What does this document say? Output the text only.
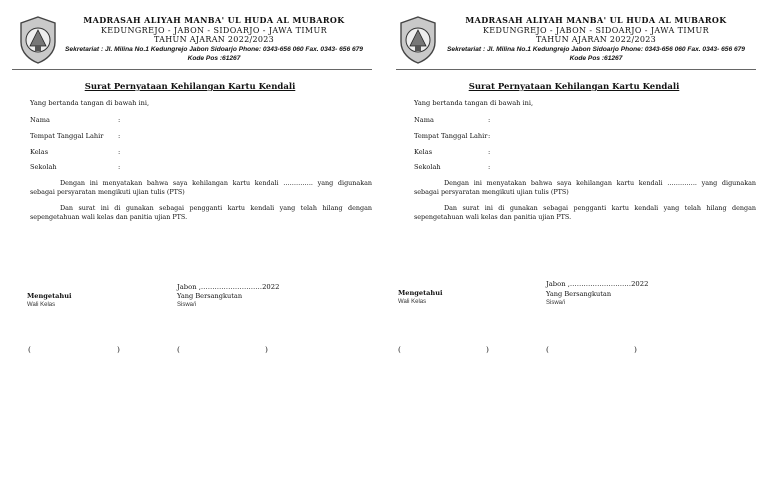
MADRASAH ALIYAH MANBA' UL HUDA AL MUBAROK
KEDUNGREJO - JABON - SIDOARJO - JAWA TIMUR
TAHUN AJARAN 2022/2023
Sekretariat : Jl. Milina No.1 Kedungrejo Jabon Sidoarjo Phone: 0343-656 060 Fax. 0343- 656 679
Kode Pos :61267
Surat Pernyataan Kehilangan Kartu Kendali
Yang bertanda tangan di bawah ini,
Nama	:
Tempat Tanggal Lahir :
Kelas	:
Sekolah	:
Dengan ini menyatakan bahwa saya kehilangan kartu kendali ………….. yang digunakan sebagai persyaratan mengikuti ujian tulis (PTS)
Dan surat ini di gunakan sebagai pengganti kartu kendali yang telah hilang dengan sepengetahuan wali kelas dan panitia ujian PTS.
Jabon ,………………………2022
Mengetahui
Wali Kelas
Yang Bersangkutan
Siswa/i
(	)	(	)
MADRASAH ALIYAH MANBA' UL HUDA AL MUBAROK
KEDUNGREJO - JABON - SIDOARJO - JAWA TIMUR
TAHUN AJARAN 2022/2023
Sekretariat : Jl. Milina No.1 Kedungrejo Jabon Sidoarjo Phone: 0343-656 060 Fax. 0343- 656 679
Kode Pos :61267
Surat Pernyataan Kehilangan Kartu Kendali
Yang bertanda tangan di bawah ini,
Nama	:
Tempat Tanggal Lahir :
Kelas	:
Sekolah	:
Dengan ini menyatakan bahwa saya kehilangan kartu kendali ………….. yang digunakan sebagai persyaratan mengikuti ujian tulis (PTS)
Dan surat ini di gunakan sebagai pengganti kartu kendali yang telah hilang dengan sepengetahuan wali kelas dan panitia ujian PTS.
Jabon ,………………………2022
Mengetahui
Wali Kelas
Yang Bersangkutan
Siswa/i
(	)	(	)
